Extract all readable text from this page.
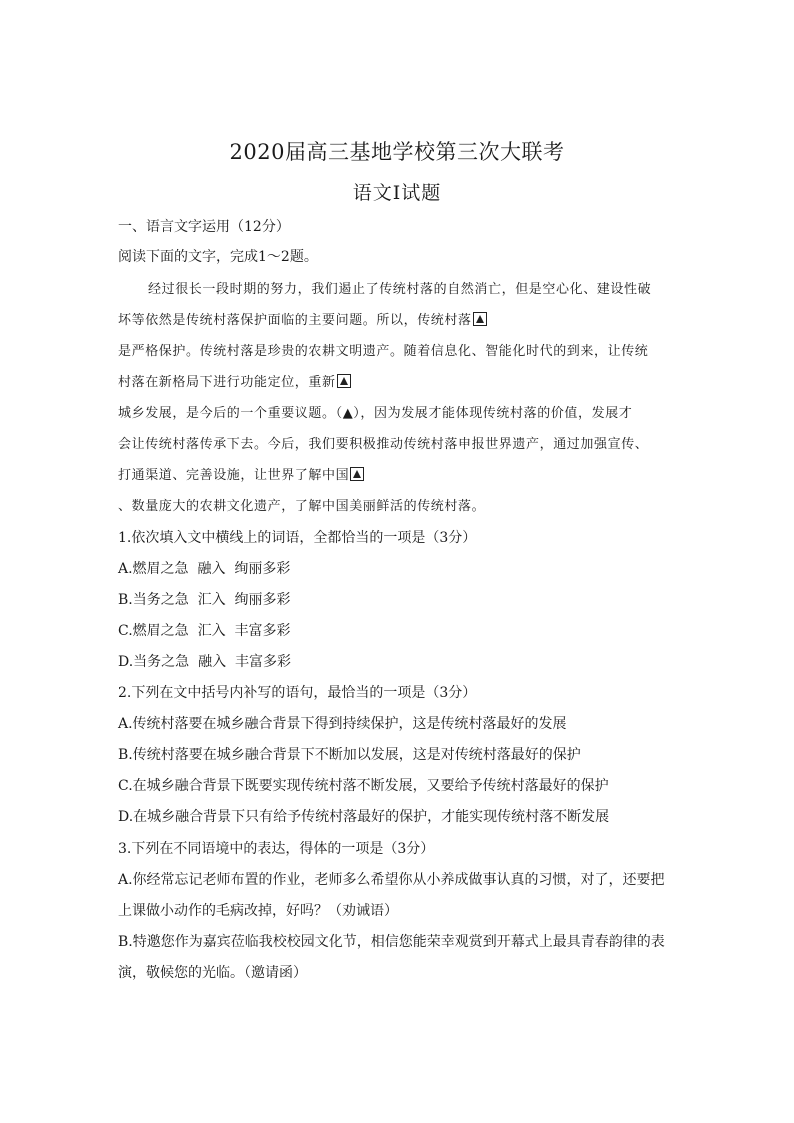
2020届高三基地学校第三次大联考
语文Ⅰ试题
一、语言文字运用（12分）
阅读下面的文字，完成1～2题。
经过很长一段时期的努力，我们遏止了传统村落的自然消亡，但是空心化、建设性破
坏等依然是传统村落保护面临的主要问题。所以，传统村落
是严格保护。传统村落是珍贵的农耕文明遗产。随着信息化、智能化时代的到来，让传统
村落在新格局下进行功能定位，重新
城乡发展，是今后的一个重要议题。（▲），因为发展才能体现传统村落的价值，发展才
会让传统村落传承下去。今后，我们要积极推动传统村落申报世界遗产，通过加强宣传、
打通渠道、完善设施，让世界了解中国
、数量庞大的农耕文化遗产，了解中国美丽鲜活的传统村落。
1.依次填入文中横线上的词语，全都恰当的一项是（3分）
A.燃眉之急  融入  绚丽多彩
B.当务之急  汇入  绚丽多彩
C.燃眉之急  汇入  丰富多彩
D.当务之急  融入  丰富多彩
2.下列在文中括号内补写的语句，最恰当的一项是（3分）
A.传统村落要在城乡融合背景下得到持续保护，这是传统村落最好的发展
B.传统村落要在城乡融合背景下不断加以发展，这是对传统村落最好的保护
C.在城乡融合背景下既要实现传统村落不断发展，又要给予传统村落最好的保护
D.在城乡融合背景下只有给予传统村落最好的保护，才能实现传统村落不断发展
3.下列在不同语境中的表达，得体的一项是（3分）
A.你经常忘记老师布置的作业，老师多么希望你从小养成做事认真的习惯，对了，还要把
上课做小动作的毛病改掉，好吗？（劝诫语）
B.特邀您作为嘉宾莅临我校校园文化节，相信您能荣幸观赏到开幕式上最具青春韵律的表
演，敬候您的光临。（邀请函）
